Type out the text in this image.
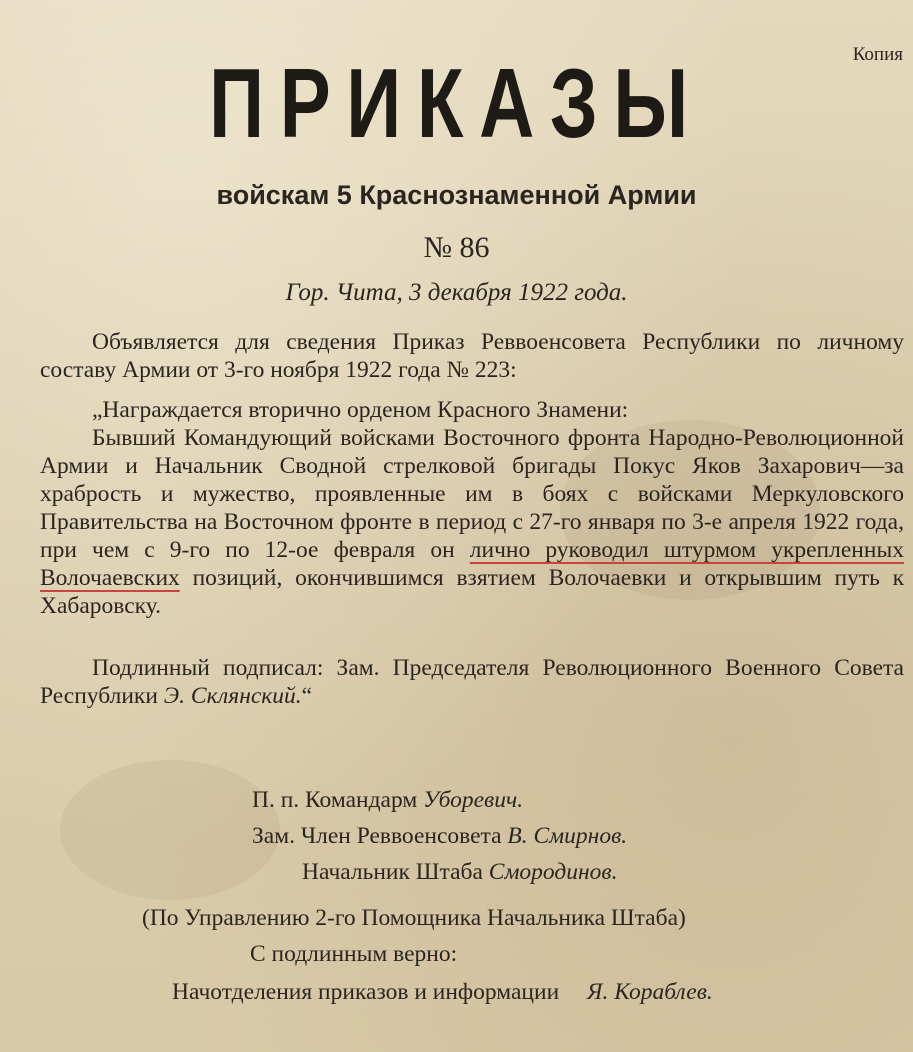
Копия
ПРИКАЗЫ
войскам 5 Краснознаменной Армии
№ 86
Гор. Чита, 3 декабря 1922 года.

Объявляется для сведения Приказ Реввоенсовета Республики по личному составу Армии от 3-го ноября 1922 года № 223:

„Награждается вторично орденом Красного Знамени:

Бывший Командующий войсками Восточного фронта Народно-Революционной Армии и Начальник Сводной стрелковой бригады Покус Яков Захарович—за храбрость и мужество, проявленные им в боях с войсками Меркуловского Правительства на Восточном фронте в период с 27-го января по 3-е апреля 1922 года, при чем с 9-го по 12-ое февраля он лично руководил штурмом укрепленных Волочаевских позиций, окончившимся взятием Волочаевки и открывшим путь к Хабаровску.

Подлинный подписал: Зам. Председателя Революционного Военного Совета Республики Э. Склянский.“

П. п. Командарм Уборевич.
Зам. Член Реввоенсовета В. Смирнов.
Начальник Штаба Смородинов.
(По Управлению 2-го Помощника Начальника Штаба)
С подлинным верно:
Начотделения приказов и информации Я. Кораблев.
